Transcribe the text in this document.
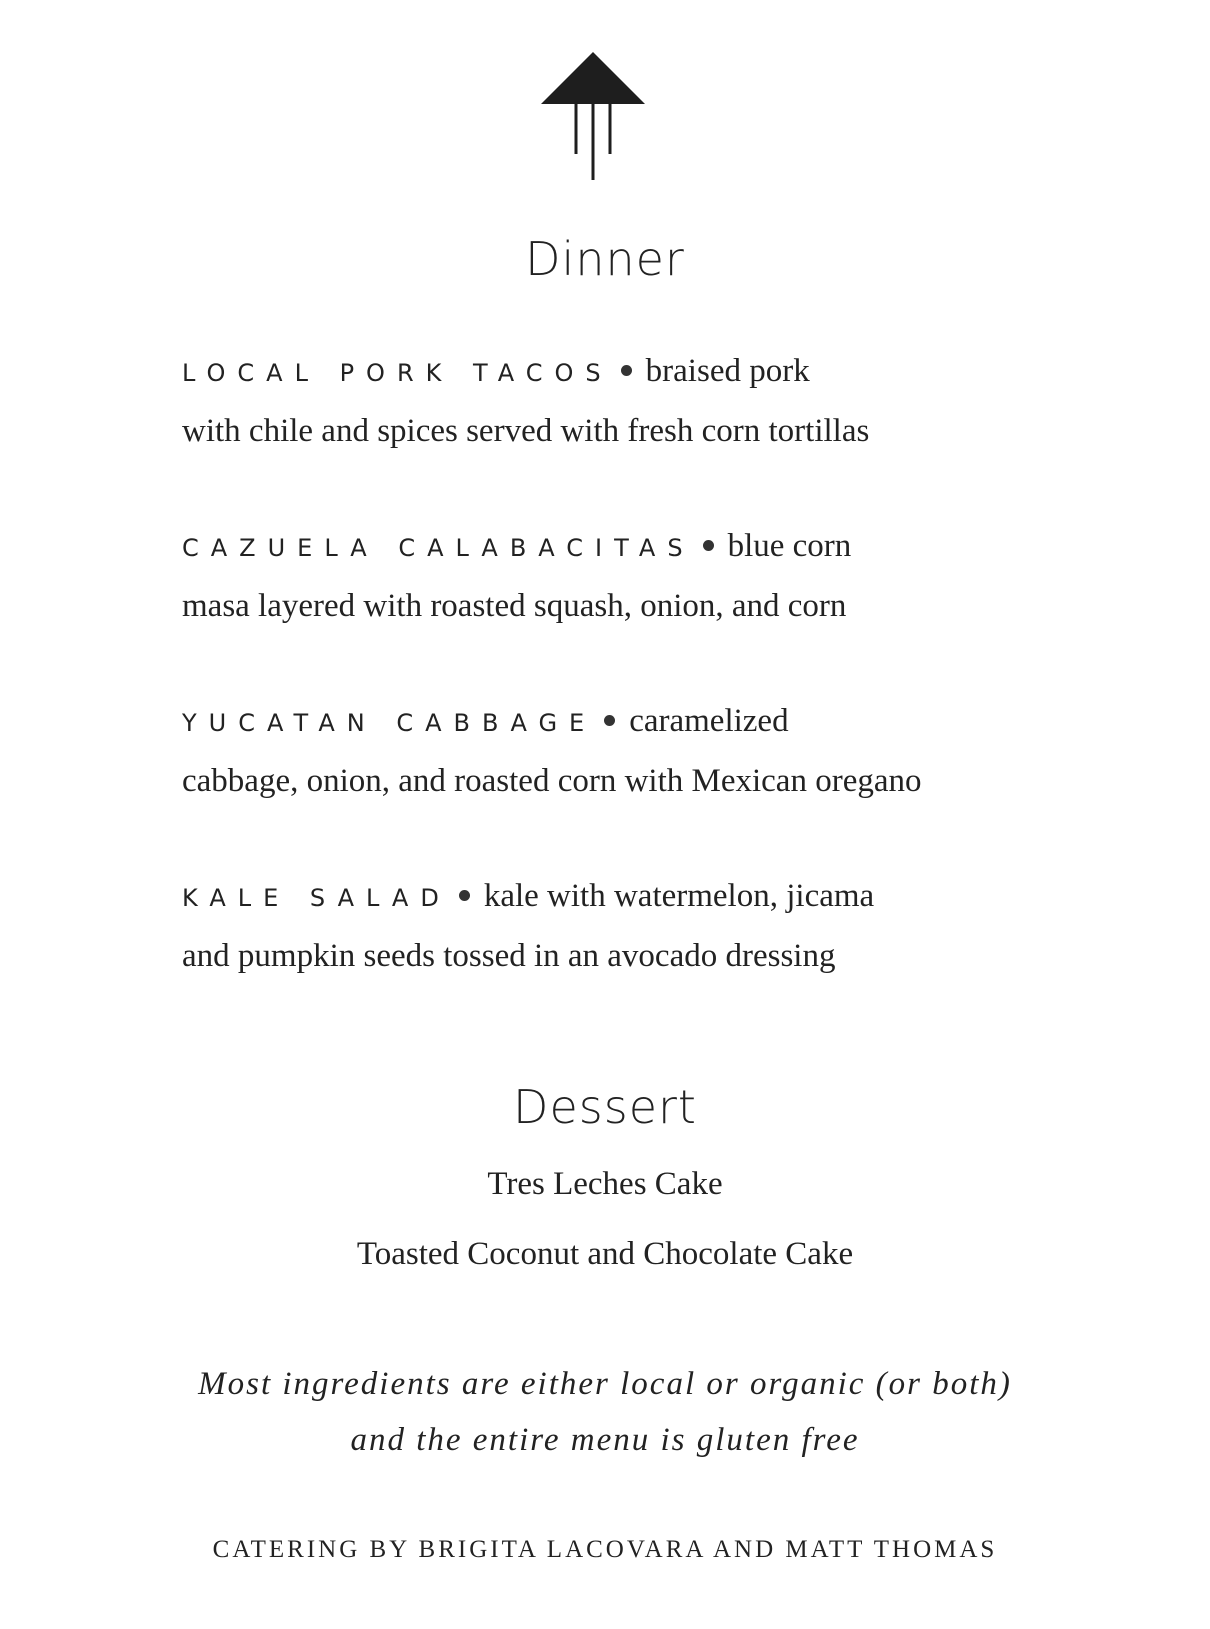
Dinner
LOCAL PORK TACOS braised pork
with chile and spices served with fresh corn tortillas
CAZUELA CALABACITAS blue corn
masa layered with roasted squash, onion, and corn
YUCATAN CABBAGE caramelized
cabbage, onion, and roasted corn with Mexican oregano
KALE SALAD kale with watermelon, jicama
and pumpkin seeds tossed in an avocado dressing
Dessert
Tres Leches Cake
Toasted Coconut and Chocolate Cake
Most ingredients are either local or organic (or both)
and the entire menu is gluten free
CATERING BY BRIGITA LACOVARA AND MATT THOMAS
